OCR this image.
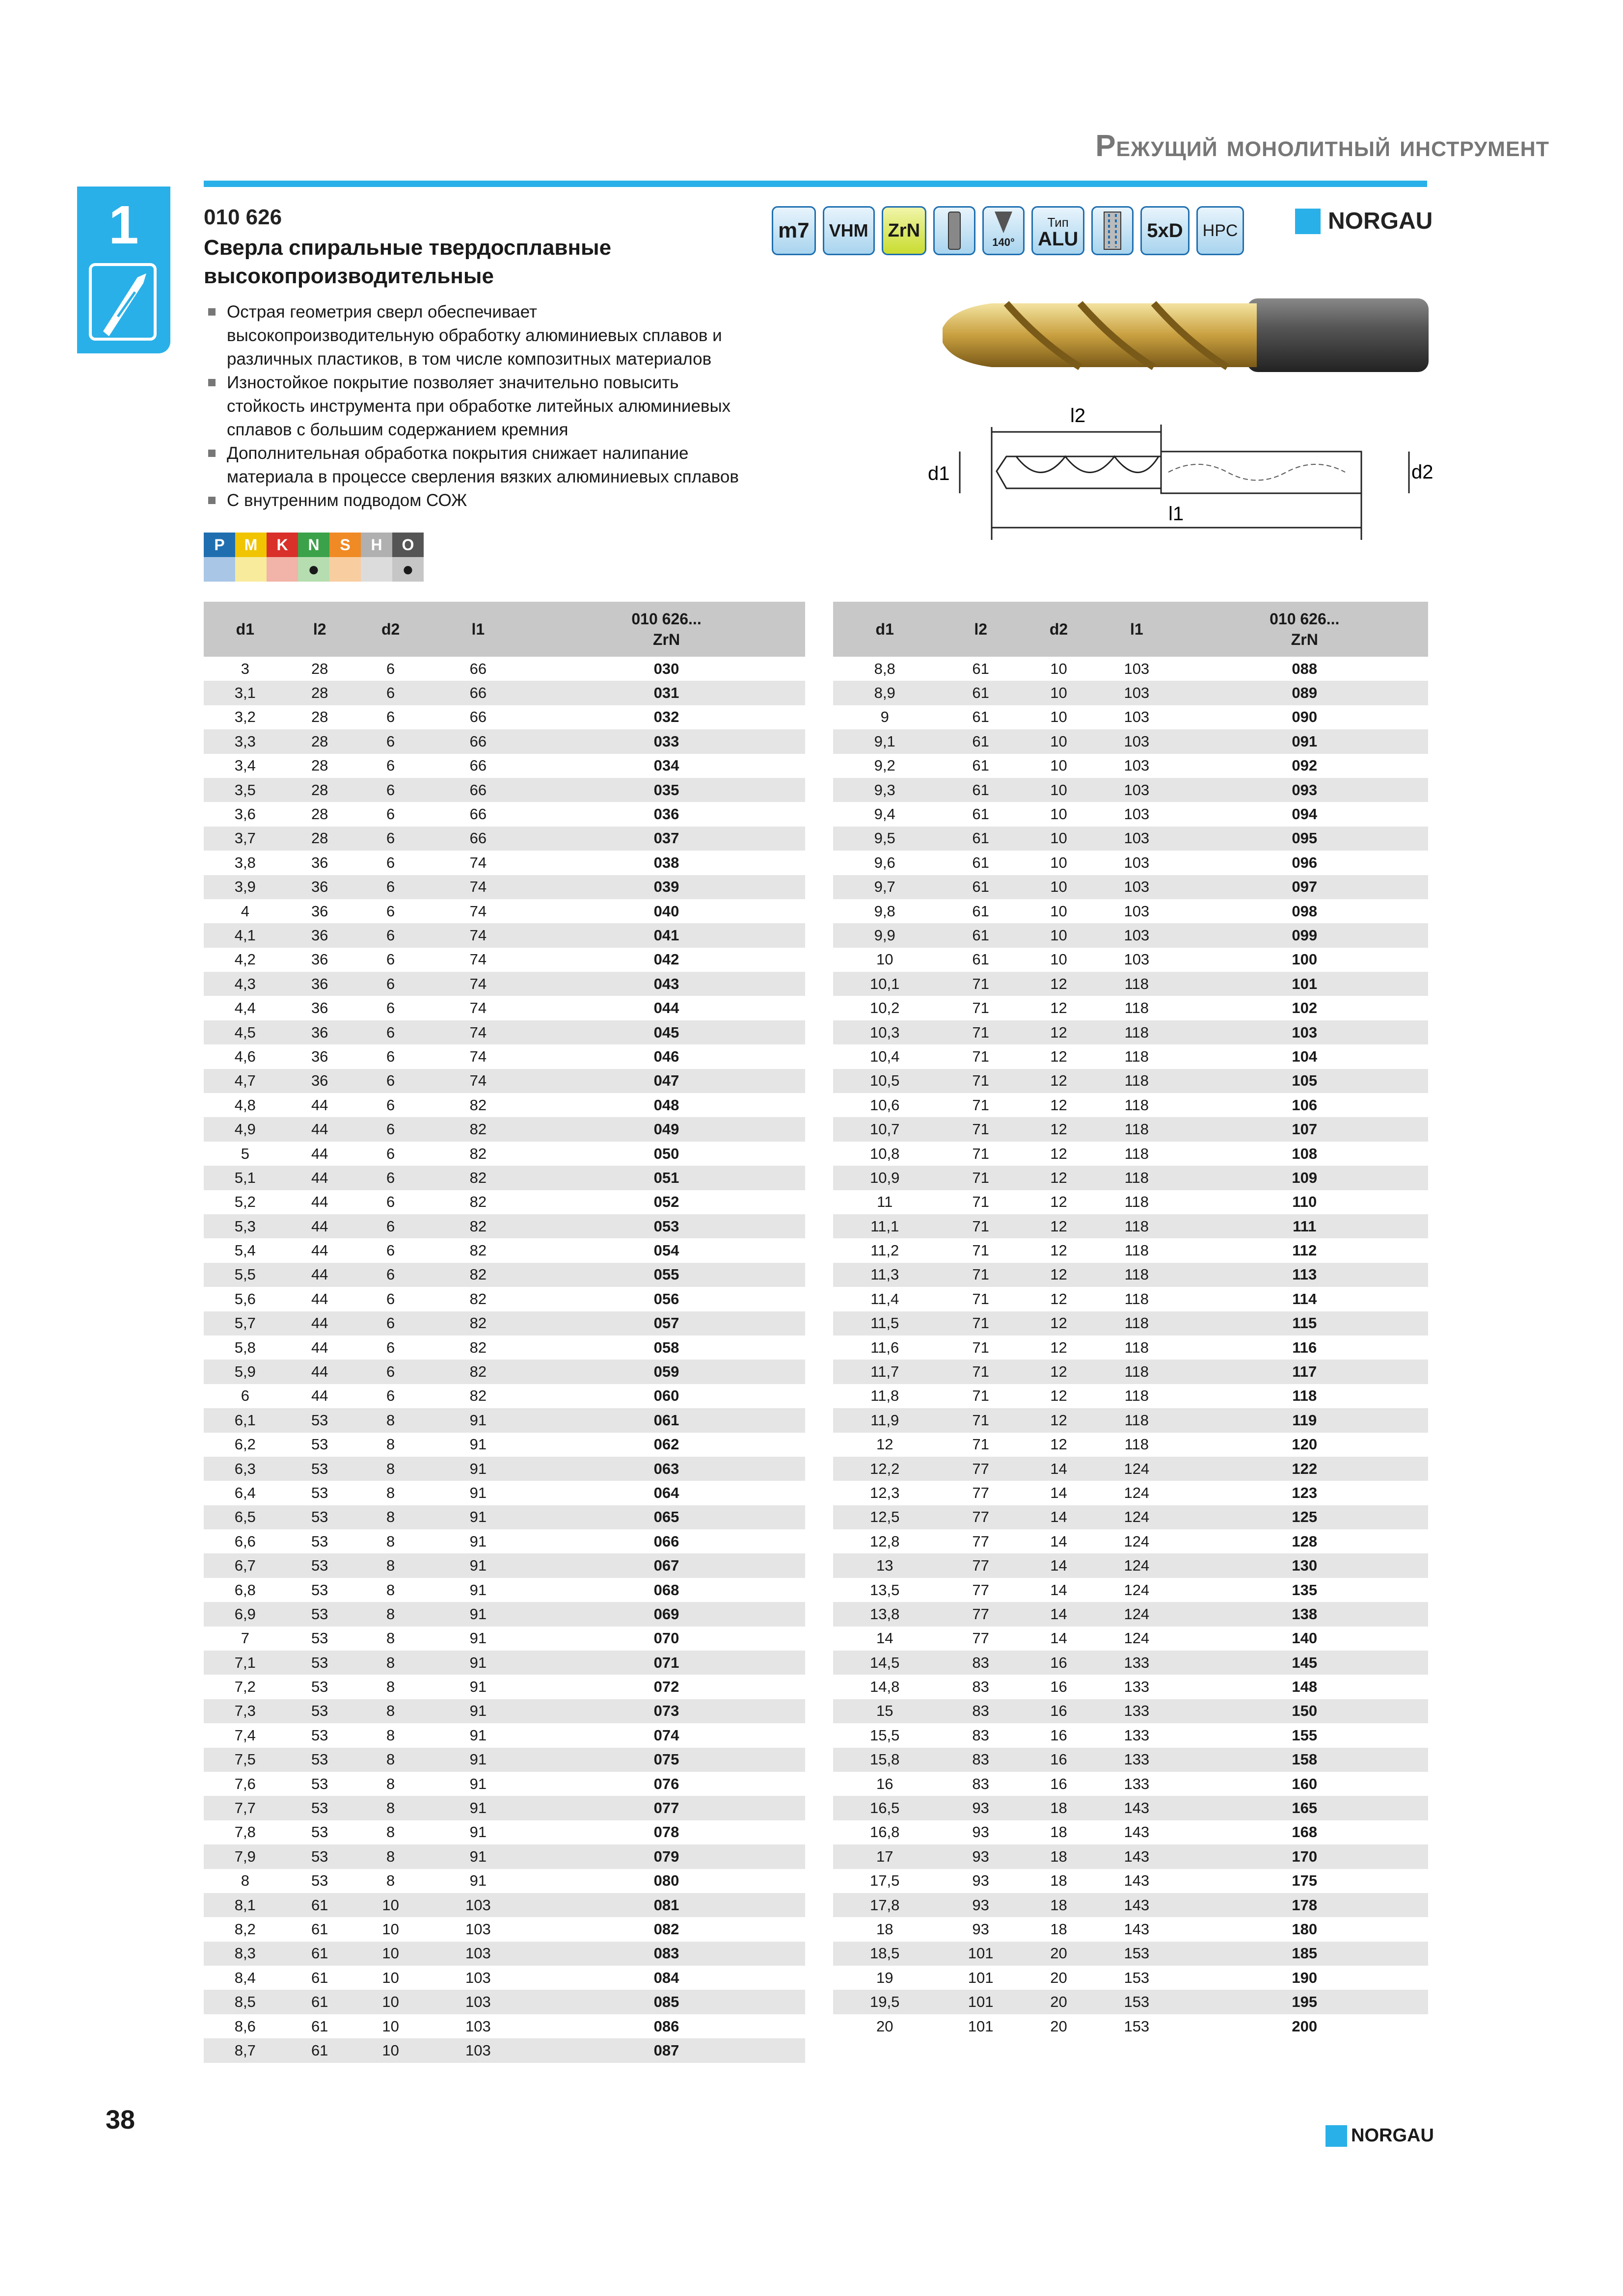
Режущий монолитный инструмент
1	010 626
Сверла спиральные твердосплавные
высокопроизводительные
Острая геометрия сверл обеспечивает
высокопроизводительную обработку алюминиевых сплавов и
различных пластиков, в том числе композитных материалов
Изностойкое покрытие позволяет значительно повысить
стойкость инструмента при обработке литейных алюминиевых
сплавов с большим содержанием кремния
Дополнительная обработка покрытия снижает налипание
материала в процессе сверления вязких алюминиевых сплавов
С внутренним подводом СОЖ
m7	VHM	ZrN
140°
Тип
ALU	5xD	HPC	NORGAU
l2
d1	d2
l1
P	M	K	N	S	H	O
●	●
d1	l2	d2	l1	010 626...
ZrN
3	28	6	66	030
3,1	28	6	66	031
3,2	28	6	66	032
3,3	28	6	66	033
3,4	28	6	66	034
3,5	28	6	66	035
3,6	28	6	66	036
3,7	28	6	66	037
3,8	36	6	74	038
3,9	36	6	74	039
4	36	6	74	040
4,1	36	6	74	041
4,2	36	6	74	042
4,3	36	6	74	043
4,4	36	6	74	044
4,5	36	6	74	045
4,6	36	6	74	046
4,7	36	6	74	047
4,8	44	6	82	048
4,9	44	6	82	049
5	44	6	82	050
5,1	44	6	82	051
5,2	44	6	82	052
5,3	44	6	82	053
5,4	44	6	82	054
5,5	44	6	82	055
5,6	44	6	82	056
5,7	44	6	82	057
5,8	44	6	82	058
5,9	44	6	82	059
6	44	6	82	060
6,1	53	8	91	061
6,2	53	8	91	062
6,3	53	8	91	063
6,4	53	8	91	064
6,5	53	8	91	065
6,6	53	8	91	066
6,7	53	8	91	067
6,8	53	8	91	068
6,9	53	8	91	069
7	53	8	91	070
7,1	53	8	91	071
7,2	53	8	91	072
7,3	53	8	91	073
7,4	53	8	91	074
7,5	53	8	91	075
7,6	53	8	91	076
7,7	53	8	91	077
7,8	53	8	91	078
7,9	53	8	91	079
8	53	8	91	080
8,1	61	10	103	081
8,2	61	10	103	082
8,3	61	10	103	083
8,4	61	10	103	084
8,5	61	10	103	085
8,6	61	10	103	086
8,7	61	10	103	087
d1	l2	d2	l1	010 626...
ZrN
8,8	61	10	103	088
8,9	61	10	103	089
9	61	10	103	090
9,1	61	10	103	091
9,2	61	10	103	092
9,3	61	10	103	093
9,4	61	10	103	094
9,5	61	10	103	095
9,6	61	10	103	096
9,7	61	10	103	097
9,8	61	10	103	098
9,9	61	10	103	099
10	61	10	103	100
10,1	71	12	118	101
10,2	71	12	118	102
10,3	71	12	118	103
10,4	71	12	118	104
10,5	71	12	118	105
10,6	71	12	118	106
10,7	71	12	118	107
10,8	71	12	118	108
10,9	71	12	118	109
11	71	12	118	110
11,1	71	12	118	111
11,2	71	12	118	112
11,3	71	12	118	113
11,4	71	12	118	114
11,5	71	12	118	115
11,6	71	12	118	116
11,7	71	12	118	117
11,8	71	12	118	118
11,9	71	12	118	119
12	71	12	118	120
12,2	77	14	124	122
12,3	77	14	124	123
12,5	77	14	124	125
12,8	77	14	124	128
13	77	14	124	130
13,5	77	14	124	135
13,8	77	14	124	138
14	77	14	124	140
14,5	83	16	133	145
14,8	83	16	133	148
15	83	16	133	150
15,5	83	16	133	155
15,8	83	16	133	158
16	83	16	133	160
16,5	93	18	143	165
16,8	93	18	143	168
17	93	18	143	170
17,5	93	18	143	175
17,8	93	18	143	178
18	93	18	143	180
18,5	101	20	153	185
19	101	20	153	190
19,5	101	20	153	195
20	101	20	153	200
38
NORGAU
